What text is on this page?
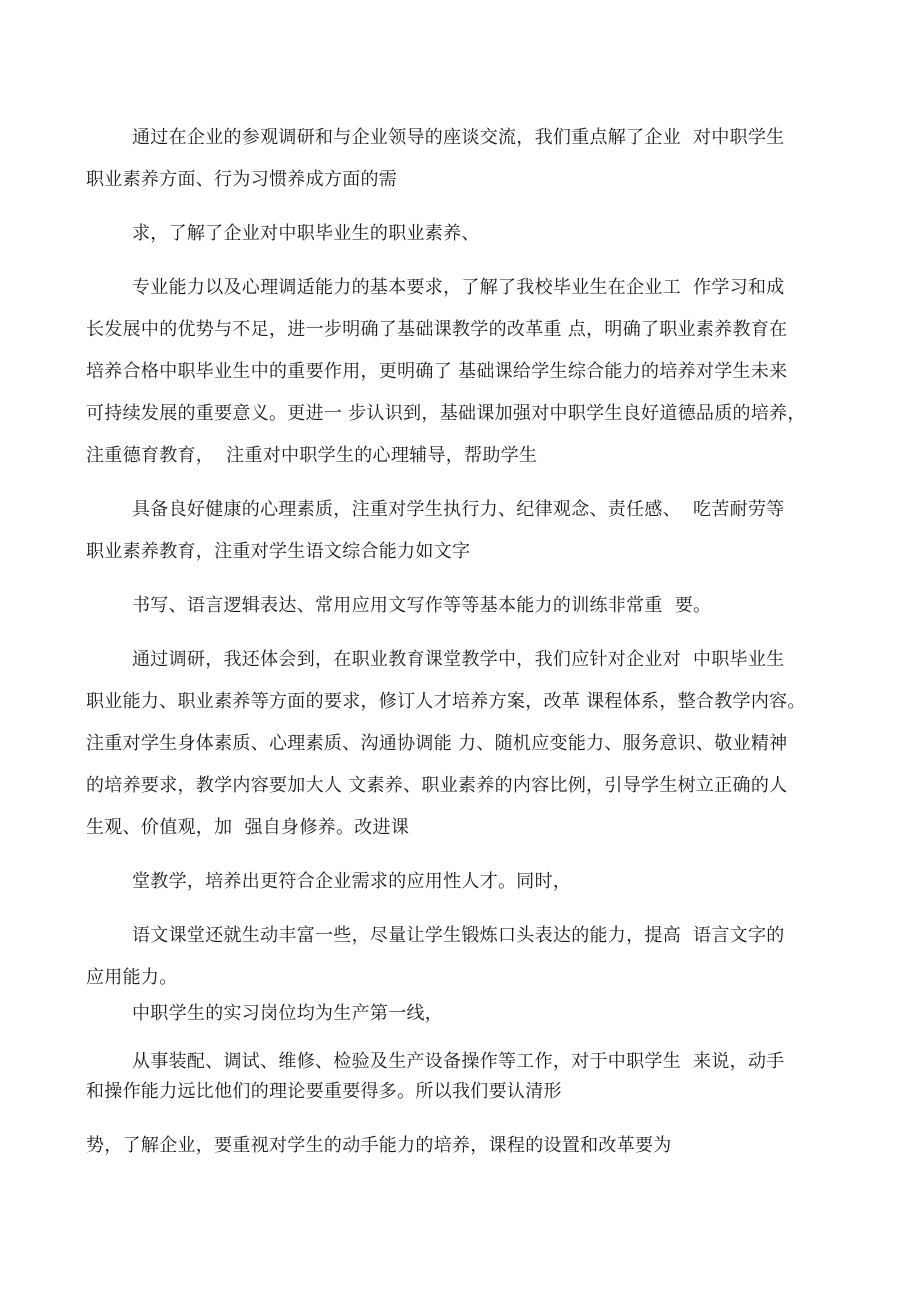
通过在企业的参观调研和与企业领导的座谈交流，我们重点解了企业  对中职学生
职业素养方面、行为习惯养成方面的需
求，了解了企业对中职毕业生的职业素养、
专业能力以及心理调适能力的基本要求，了解了我校毕业生在企业工  作学习和成
长发展中的优势与不足，进一步明确了基础课教学的改革重 点，明确了职业素养教育在
培养合格中职毕业生中的重要作用，更明确了 基础课给学生综合能力的培养对学生未来
可持续发展的重要意义。更进一 步认识到，基础课加强对中职学生良好道德品质的培养，
注重德育教育，  注重对中职学生的心理辅导，帮助学生
具备良好健康的心理素质，注重对学生执行力、纪律观念、责任感、  吃苦耐劳等
职业素养教育，注重对学生语文综合能力如文字
书写、语言逻辑表达、常用应用文写作等等基本能力的训练非常重  要。
通过调研，我还体会到，在职业教育课堂教学中，我们应针对企业对  中职毕业生
职业能力、职业素养等方面的要求，修订人才培养方案，改革 课程体系，整合教学内容。
注重对学生身体素质、心理素质、沟通协调能 力、随机应变能力、服务意识、敬业精神
的培养要求，教学内容要加大人 文素养、职业素养的内容比例，引导学生树立正确的人
生观、价值观，加  强自身修养。改进课
堂教学，培养出更符合企业需求的应用性人才。同时，
语文课堂还就生动丰富一些，尽量让学生锻炼口头表达的能力，提高  语言文字的
应用能力。
中职学生的实习岗位均为生产第一线，
从事装配、调试、维修、检验及生产设备操作等工作，对于中职学生  来说，动手
和操作能力远比他们的理论要重要得多。所以我们要认清形
势，了解企业，要重视对学生的动手能力的培养，课程的设置和改革要为
